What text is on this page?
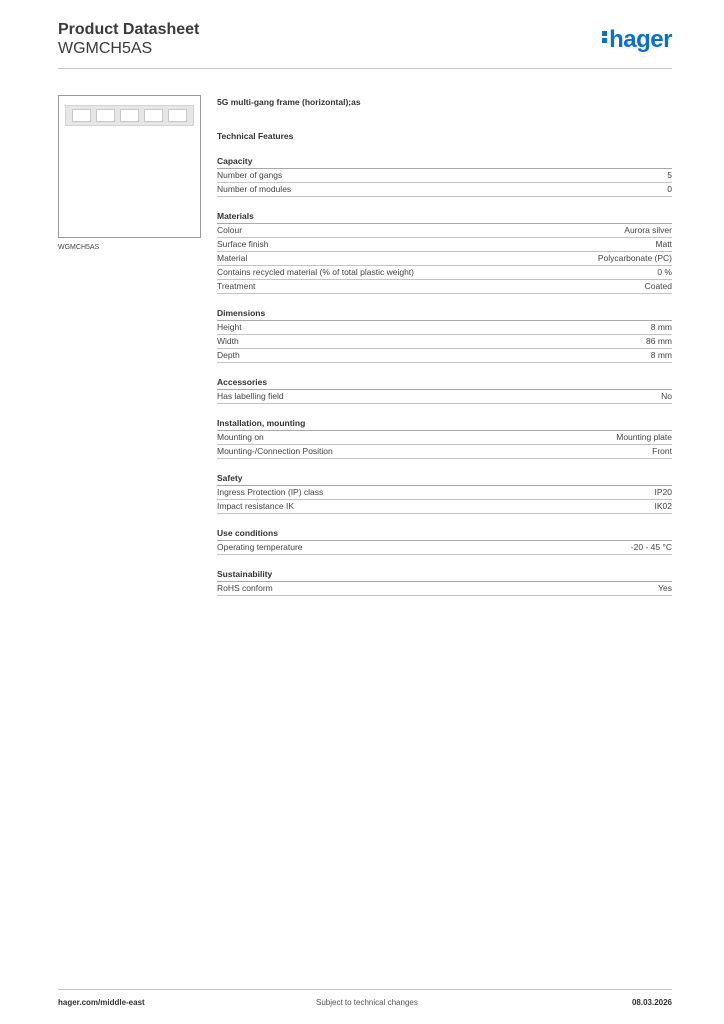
Product Datasheet
WGMCH5AS	hager
WGMCH5AS
5G multi-gang frame (horizontal);as
Technical Features
Capacity
Number of gangs	5
Number of modules	0
Materials
Colour	Aurora silver
Surface finish	Matt
Material	Polycarbonate (PC)
Contains recycled material (% of total plastic weight)	0 %
Treatment	Coated
Dimensions
Height	8 mm
Width	86 mm
Depth	8 mm
Accessories
Has labelling field	No
Installation, mounting
Mounting on	Mounting plate
Mounting-/Connection Position	Front
Safety
Ingress Protection (IP) class	IP20
Impact resistance IK	IK02
Use conditions
Operating temperature	-20 - 45 °C
Sustainability
RoHS conform	Yes
hager.com/middle-east	Subject to technical changes	08.03.2026
